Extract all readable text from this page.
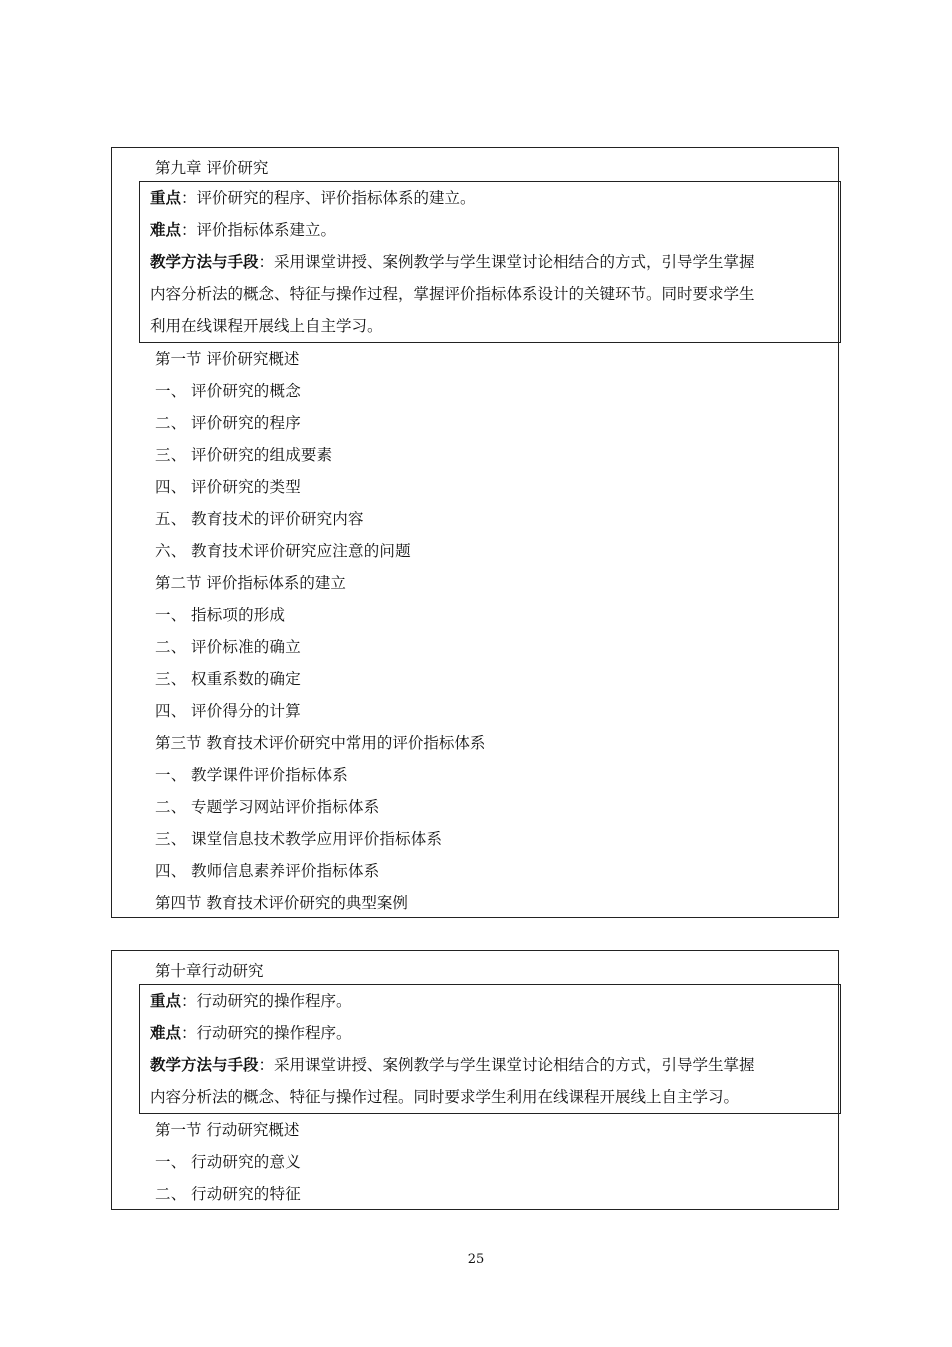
第九章 评价研究
重点：评价研究的程序、评价指标体系的建立。
难点：评价指标体系建立。
教学方法与手段：采用课堂讲授、案例教学与学生课堂讨论相结合的方式，引导学生掌握
内容分析法的概念、特征与操作过程，掌握评价指标体系设计的关键环节。同时要求学生
利用在线课程开展线上自主学习。
第一节 评价研究概述
一、 评价研究的概念
二、 评价研究的程序
三、 评价研究的组成要素
四、 评价研究的类型
五、 教育技术的评价研究内容
六、 教育技术评价研究应注意的问题
第二节 评价指标体系的建立
一、 指标项的形成
二、 评价标准的确立
三、 权重系数的确定
四、 评价得分的计算
第三节 教育技术评价研究中常用的评价指标体系
一、 教学课件评价指标体系
二、 专题学习网站评价指标体系
三、 课堂信息技术教学应用评价指标体系
四、 教师信息素养评价指标体系
第四节 教育技术评价研究的典型案例
第十章行动研究
重点：行动研究的操作程序。
难点：行动研究的操作程序。
教学方法与手段：采用课堂讲授、案例教学与学生课堂讨论相结合的方式，引导学生掌握
内容分析法的概念、特征与操作过程。同时要求学生利用在线课程开展线上自主学习。
第一节 行动研究概述
一、 行动研究的意义
二、 行动研究的特征
25
